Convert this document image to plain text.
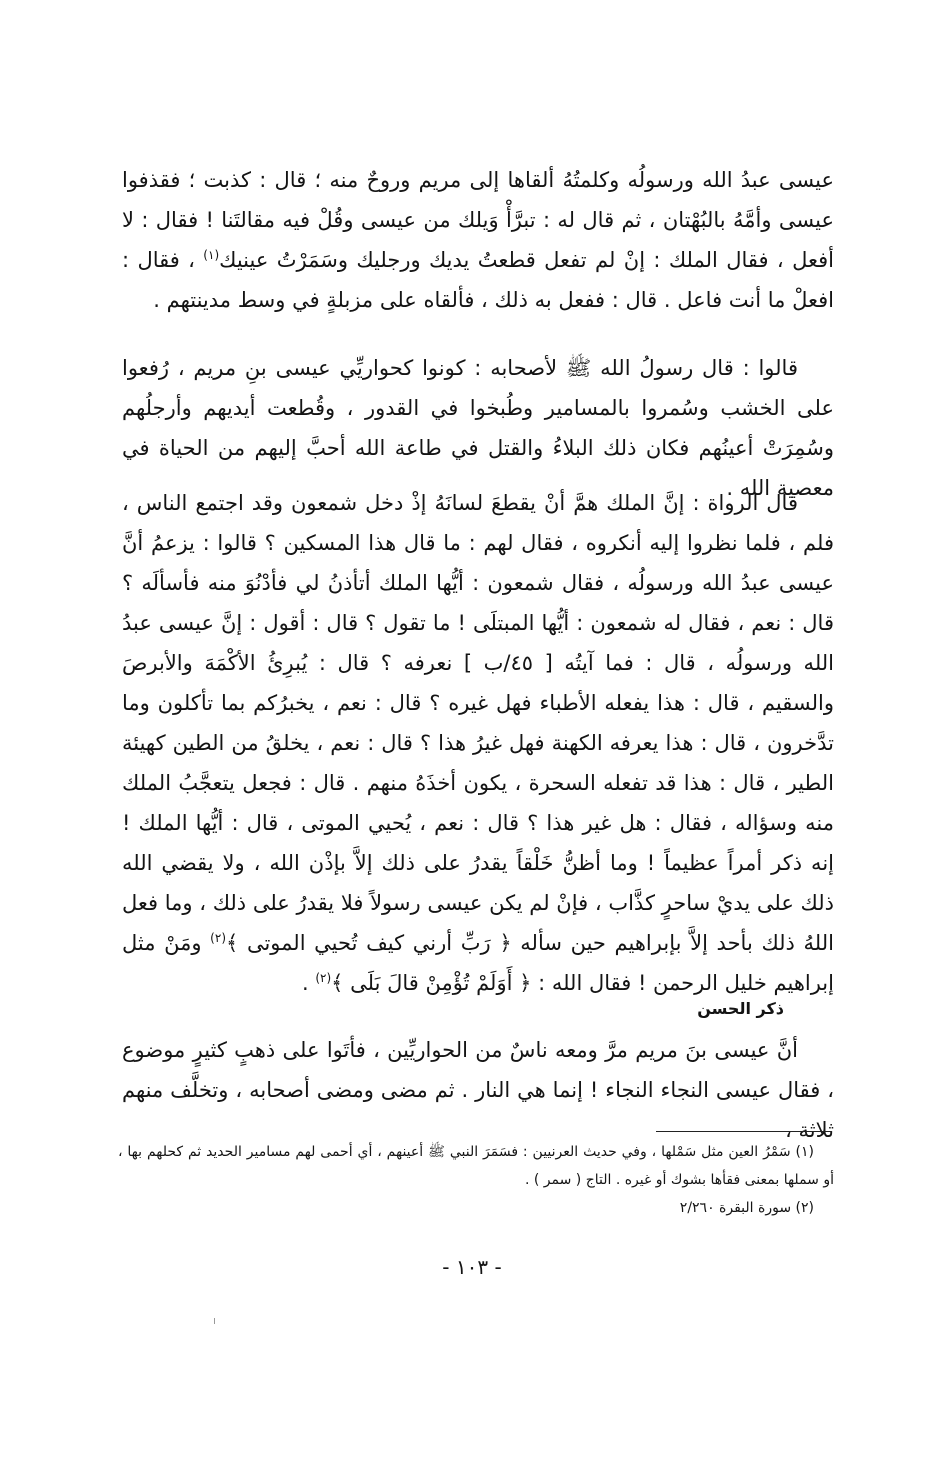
عيسى عبدُ الله ورسولُه وكلمتُهُ ألقاها إلى مريم وروحٌ منه ؛ قال : كذبت ؛ فقذفوا عيسى وأمَّهُ بالبُهْتان ، ثم قال له : تبرَّأْ وَيلك من عيسى وقُلْ فيه مقالتَنا ! فقال : لا أفعل ، فقال الملك : إنْ لم تفعل قطعتُ يديك ورجليك وسَمَرْتُ عينيك$^{(١)}$ ، فقال : افعلْ ما أنت فاعل . قال : ففعل به ذلك ، فألقاه على مزبلةٍ في وسط مدينتهم .

قالوا : قال رسولُ الله ﷺ لأصحابه : كونوا كحواريِّي عيسى بنِ مريم ، رُفعوا على الخشب وسُمروا بالمسامير وطُبخوا في القدور ، وقُطعت أيديهم وأرجلُهم وسُمِرَتْ أعينُهم فكان ذلك البلاءُ والقتل في طاعة الله أحبَّ إليهم من الحياة في معصية الله .

قال الرواة : إنَّ الملك همَّ أنْ يقطعَ لسانَهُ إذْ دخل شمعون وقد اجتمع الناس ، فلم ، فلما نظروا إليه أنكروه ، فقال لهم : ما قال هذا المسكين ؟ قالوا : يزعمُ أنَّ عيسى عبدُ الله ورسولُه ، فقال شمعون : أيُّها الملك أتأذنُ لي فأدْنُوَ منه فأسألَه ؟ قال : نعم ، فقال له شمعون : أيُّها المبتلَى ! ما تقول ؟ قال : أقول : إنَّ عيسى عبدُ الله ورسولُه ، قال : فما آيتُه [ ٤٥/ب ] نعرفه ؟ قال : يُبرِئُ الأكْمَهَ والأبرصَ والسقيم ، قال : هذا يفعله الأطباء فهل غيره ؟ قال : نعم ، يخبرُكم بما تأكلون وما تدَّخرون ، قال : هذا يعرفه الكهنة فهل غيرُ هذا ؟ قال : نعم ، يخلقُ من الطين كهيئة الطير ، قال : هذا قد تفعله السحرة ، يكون أخذَهُ منهم . قال : فجعل يتعجَّبُ الملك منه وسؤاله ، فقال : هل غير هذا ؟ قال : نعم ، يُحيي الموتى ، قال : أيُّها الملك ! إنه ذكر أمراً عظيماً ! وما أظنُّ خَلْقاً يقدرُ على ذلك إلاَّ بإذْن الله ، ولا يقضي الله ذلك على يديْ ساحرٍ كذَّاب ، فإنْ لم يكن عيسى رسولاً فلا يقدرُ على ذلك ، وما فعل اللهُ ذلك بأحد إلاَّ بإبراهيم حين سأله ﴿ رَبِّ أرني كيف تُحيي الموتى ﴾$^{(٢)}$ ومَنْ مثل إبراهيم خليل الرحمن ! فقال الله : ﴿ أَوَلَمْ تُؤْمِنْ قالَ بَلَى ﴾$^{(٢)}$ .

ذكر الحسن

أنَّ عيسى بنَ مريم مرَّ ومعه ناسٌ من الحواريِّين ، فأتَوا على ذهبٍ كثيرٍ موضوع ، فقال عيسى النجاء النجاء ! إنما هي النار . ثم مضى ومضى أصحابه ، وتخلَّف منهم ثلاثة ،

(١) سَمْرُ العين مثل سَمْلها ، وفي حديث العرنيين : فسَمَرَ النبي ﷺ أعينهم ، أي أحمى لهم مسامير الحديد ثم كحلهم بها ، أو سملها بمعنى فقأها بشوك أو غيره . التاج ( سمر ) .

(٢) سورة البقرة ٢/٢٦٠

- ١٠٣ -
